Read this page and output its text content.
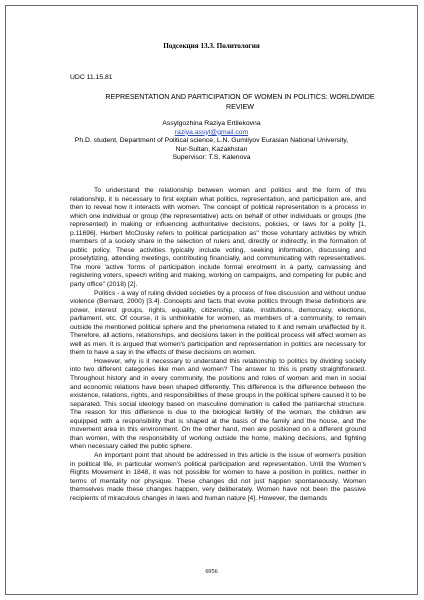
Подсекция 13.3. Политология
UDC 11.15.81
REPRESENTATION AND PARTICIPATION OF WOMEN IN POLITICS: WORLDWIDE REVIEW
Assylgozhina Raziya Ertilekovna
raziya.assyl@gmail.com
Ph.D. student, Department of Political science, L.N. Gumilyov Eurasian National University,
Nur-Sultan, Kazakhstan
Supervisor: T.S. Kalenova

To understand the relationship between women and politics and the form of this relationship, it is necessary to first explain what politics, representation, and participation are, and then to reveal how it interacts with women. The concept of political representation is a process in which one individual or group (the representative) acts on behalf of other individuals or groups (the represented) in making or influencing authoritative decisions, policies, or laws for a polity [1, p.11696]. Herbert McClosky refers to political participation as" those voluntary activities by which members of a society share in the selection of rulers and, directly or indirectly, in the formation of public policy. These activities typically include voting, seeking information, discussing and proselytizing, attending meetings, contributing financially, and communicating with representatives. The more 'active 'forms of participation include formal enrolment in a party, canvassing and registering voters, speech writing and making, working on campaigns, and competing for public and party office" (2018) [2].

Politics - a way of ruling divided societies by a process of free discussion and without undue violence (Bernard, 2000) [3.4]. Concepts and facts that evoke politics through these definitions are power, interest groups, rights, equality, citizenship, state, institutions, democracy, elections, parliament, etc. Of course, it is unthinkable for women, as members of a community, to remain outside the mentioned political sphere and the phenomena related to it and remain unaffected by it. Therefore, all actions, relationships, and decisions taken in the political process will affect women as well as men. It is argued that women's participation and representation in politics are necessary for them to have a say in the effects of these decisions on women.

However, why is it necessary to understand this relationship to politics by dividing society into two different categories like men and women? The answer to this is pretty straightforward. Throughout history and in every community, the positions and roles of women and men in social and economic relations have been shaped differently. This difference is the difference between the existence, relations, rights, and responsibilities of these groups in the political sphere caused it to be separated. This social ideology based on masculine domination is called the patriarchal structure. The reason for this difference is due to the biological fertility of the woman, the children are equipped with a responsibility that is shaped at the basis of the family and the house, and the movement area in this environment. On the other hand, men are positioned on a different ground than women, with the responsibility of working outside the home, making decisions, and fighting when necessary called the public sphere.

An important point that should be addressed in this article is the issue of women's position in political life, in particular women's political participation and representation. Until the Women's Rights Movement in 1848, it was not possible for women to have a position in politics, neither in terms of mentality nor physique. These changes did not just happen spontaneously. Women themselves made these changes happen, very deliberately. Women have not been the passive recipients of miraculous changes in laws and human nature [4]. However, the demands

6956
